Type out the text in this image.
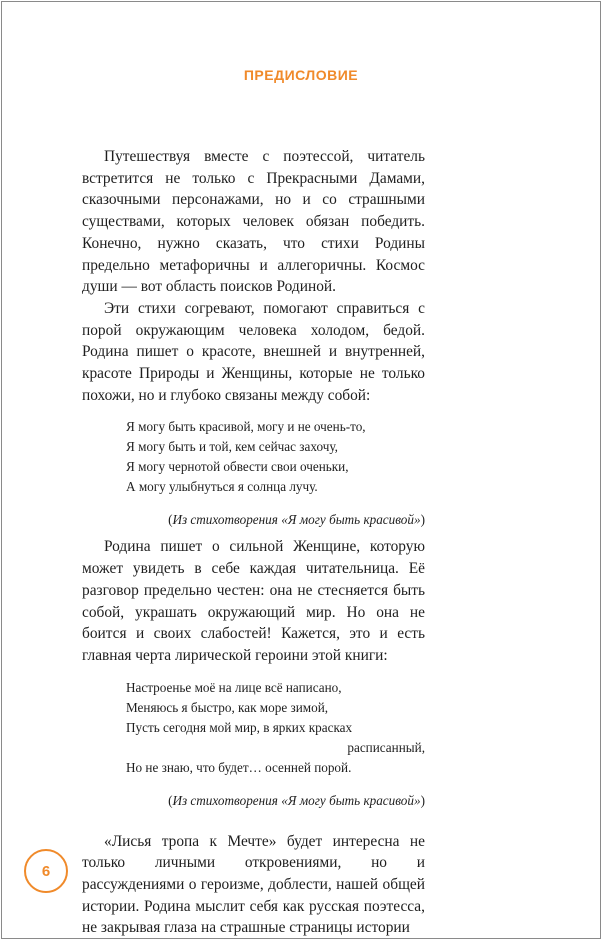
ПРЕДИСЛОВИЕ

Путешествуя вместе с поэтессой, читатель встретится не только с Прекрасными Дамами, сказочными персонажами, но и со страшными существами, которых человек обязан победить. Конечно, нужно сказать, что стихи Родины предельно метафоричны и аллегоричны. Космос души — вот область поисков Родиной.

Эти стихи согревают, помогают справиться с порой окружающим человека холодом, бедой. Родина пишет о красоте, внешней и внутренней, красоте Природы и Женщины, которые не только похожи, но и глубоко связаны между собой:

Я могу быть красивой, могу и не очень-то,
Я могу быть и той, кем сейчас захочу,
Я могу чернотой обвести свои оченьки,
А могу улыбнуться я солнца лучу.
(Из стихотворения «Я могу быть красивой»)

Родина пишет о сильной Женщине, которую может увидеть в себе каждая читательница. Её разговор предельно честен: она не стесняется быть собой, украшать окружающий мир. Но она не боится и своих слабостей! Кажется, это и есть главная черта лирической героини этой книги:

Настроенье моё на лице всё написано,
Меняюсь я быстро, как море зимой,
Пусть сегодня мой мир, в ярких красках
расписанный,
Но не знаю, что будет… осенней порой.
(Из стихотворения «Я могу быть красивой»)

«Лисья тропа к Мечте» будет интересна не только личными откровениями, но и рассуждениями о героизме, доблести, нашей общей истории. Родина мыслит себя как русская поэтесса, не закрывая глаза на страшные страницы истории

6
